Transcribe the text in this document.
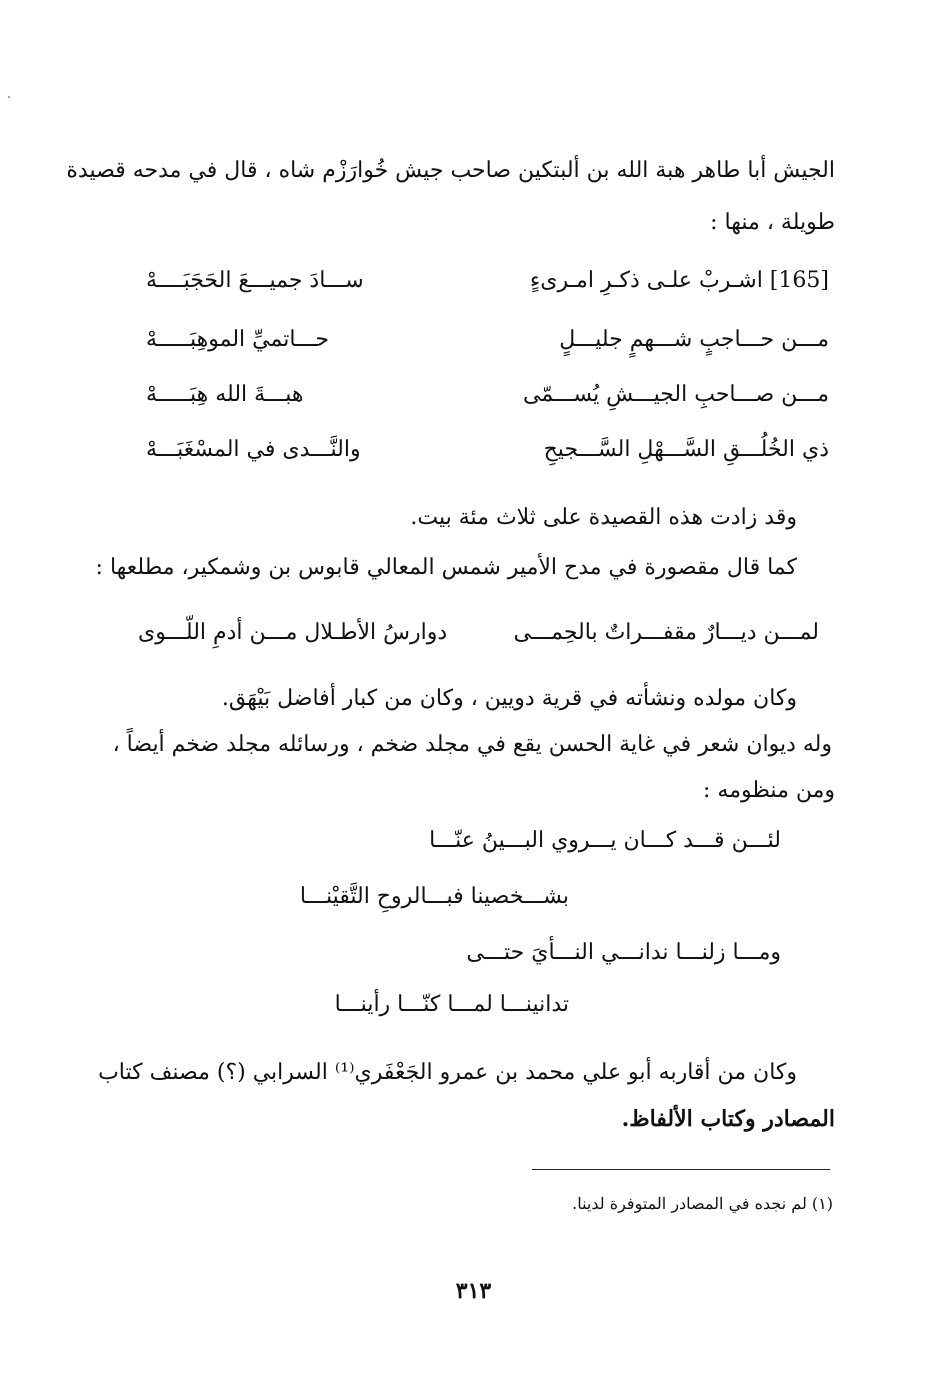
الجيش أبا طاهر هبة الله بن ألبتكين صاحب جيش خُوارَزْم شاه ، قال في مدحه قصيدة
طويلة ، منها :
[165] اشـربْ علـى ذكـرِ امـرىءٍ
ســـادَ جميـــعَ الحَجَبَــــهْ
مـــن حـــاجبٍ شـــهمٍ جليـــلٍ
حـــاتميِّ الموهِبَـــــهْ
مـــن صـــاحبِ الجيـــشِ يُســـمّى
هبـــةَ الله هِبَـــــهْ
ذي الخُلُـــقِ السَّـــهْلِ السَّـــجيحِ
والنَّـــدى في المسْغَبَـــهْ
وقد زادت هذه القصيدة على ثلاث مئة بيت.
كما قال مقصورة في مدح الأمير شمس المعالي قابوس بن وشمكير، مطلعها :
لمـــن ديـــارٌ مقفـــراتٌ بالحِمـــى
دوارسُ الأطـلال مـــن أدمِ اللّـــوى
وكان مولده ونشأته في قرية دويين ، وكان من كبار أفاضل بَيْهَق.
وله ديوان شعر في غاية الحسن يقع في مجلد ضخم ، ورسائله مجلد ضخم أيضاً ،
ومن منظومه :
لئـــن قـــد كـــان يـــروي البـــينُ عنّـــا
بشـــخصينا فبـــالروحِ التَّقيْنـــا
ومـــا زلنـــا ندانـــي النـــأيَ حتـــى
تدانينـــا لمـــا كنّـــا رأينـــا
وكان من أقاربه أبو علي محمد بن عمرو الجَعْفَري⁽¹⁾ السرابي (؟) مصنف كتاب
المصادر وكتاب الألفاظ.
(١) لم نجده في المصادر المتوفرة لدينا.
٣١٣
